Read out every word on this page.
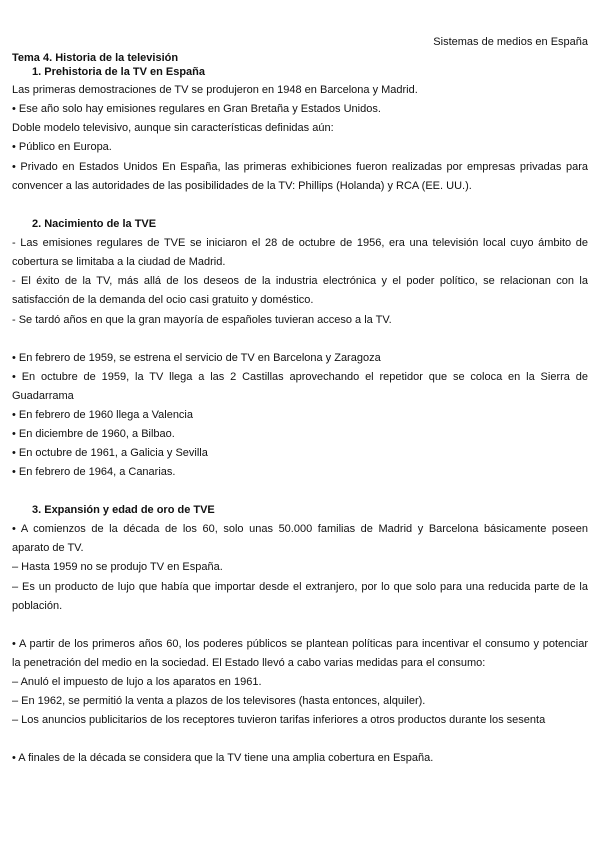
Sistemas de medios en España
Tema 4. Historia de la televisión
1. Prehistoria de la TV en España
Las primeras demostraciones de TV se produjeron en 1948 en Barcelona y Madrid.
• Ese año solo hay emisiones regulares en Gran Bretaña y Estados Unidos.
Doble modelo televisivo, aunque sin características definidas aún:
• Público en Europa.
• Privado en Estados Unidos En España, las primeras exhibiciones fueron realizadas por empresas privadas para
convencer a las autoridades de las posibilidades de la TV: Phillips (Holanda) y RCA (EE. UU.).
2. Nacimiento de la TVE
- Las emisiones regulares de TVE se iniciaron el 28 de octubre de 1956, era una televisión local cuyo ámbito de
cobertura se limitaba a la ciudad de Madrid.
- El éxito de la TV, más allá de los deseos de la industria electrónica y el poder político, se relacionan con la
satisfacción de la demanda del ocio casi gratuito y doméstico.
- Se tardó años en que la gran mayoría de españoles tuvieran acceso a la TV.
• En febrero de 1959, se estrena el servicio de TV en Barcelona y Zaragoza
• En octubre de 1959, la TV llega a las 2 Castillas aprovechando el repetidor que se coloca en la Sierra de
Guadarrama
• En febrero de 1960 llega a Valencia
• En diciembre de 1960, a Bilbao.
• En octubre de 1961, a Galicia y Sevilla
• En febrero de 1964, a Canarias.
3. Expansión y edad de oro de TVE
• A comienzos de la década de los 60, solo unas 50.000 familias de Madrid y Barcelona básicamente poseen
aparato de TV.
– Hasta 1959 no se produjo TV en España.
– Es un producto de lujo que había que importar desde el extranjero, por lo que solo para una reducida parte de la
población.
• A partir de los primeros años 60, los poderes públicos se plantean políticas para incentivar el consumo y potenciar
la penetración del medio en la sociedad. El Estado llevó a cabo varias medidas para el consumo:
– Anuló el impuesto de lujo a los aparatos en 1961.
– En 1962, se permitió la venta a plazos de los televisores (hasta entonces, alquiler).
– Los anuncios publicitarios de los receptores tuvieron tarifas inferiores a otros productos durante los sesenta
• A finales de la década se considera que la TV tiene una amplia cobertura en España.
